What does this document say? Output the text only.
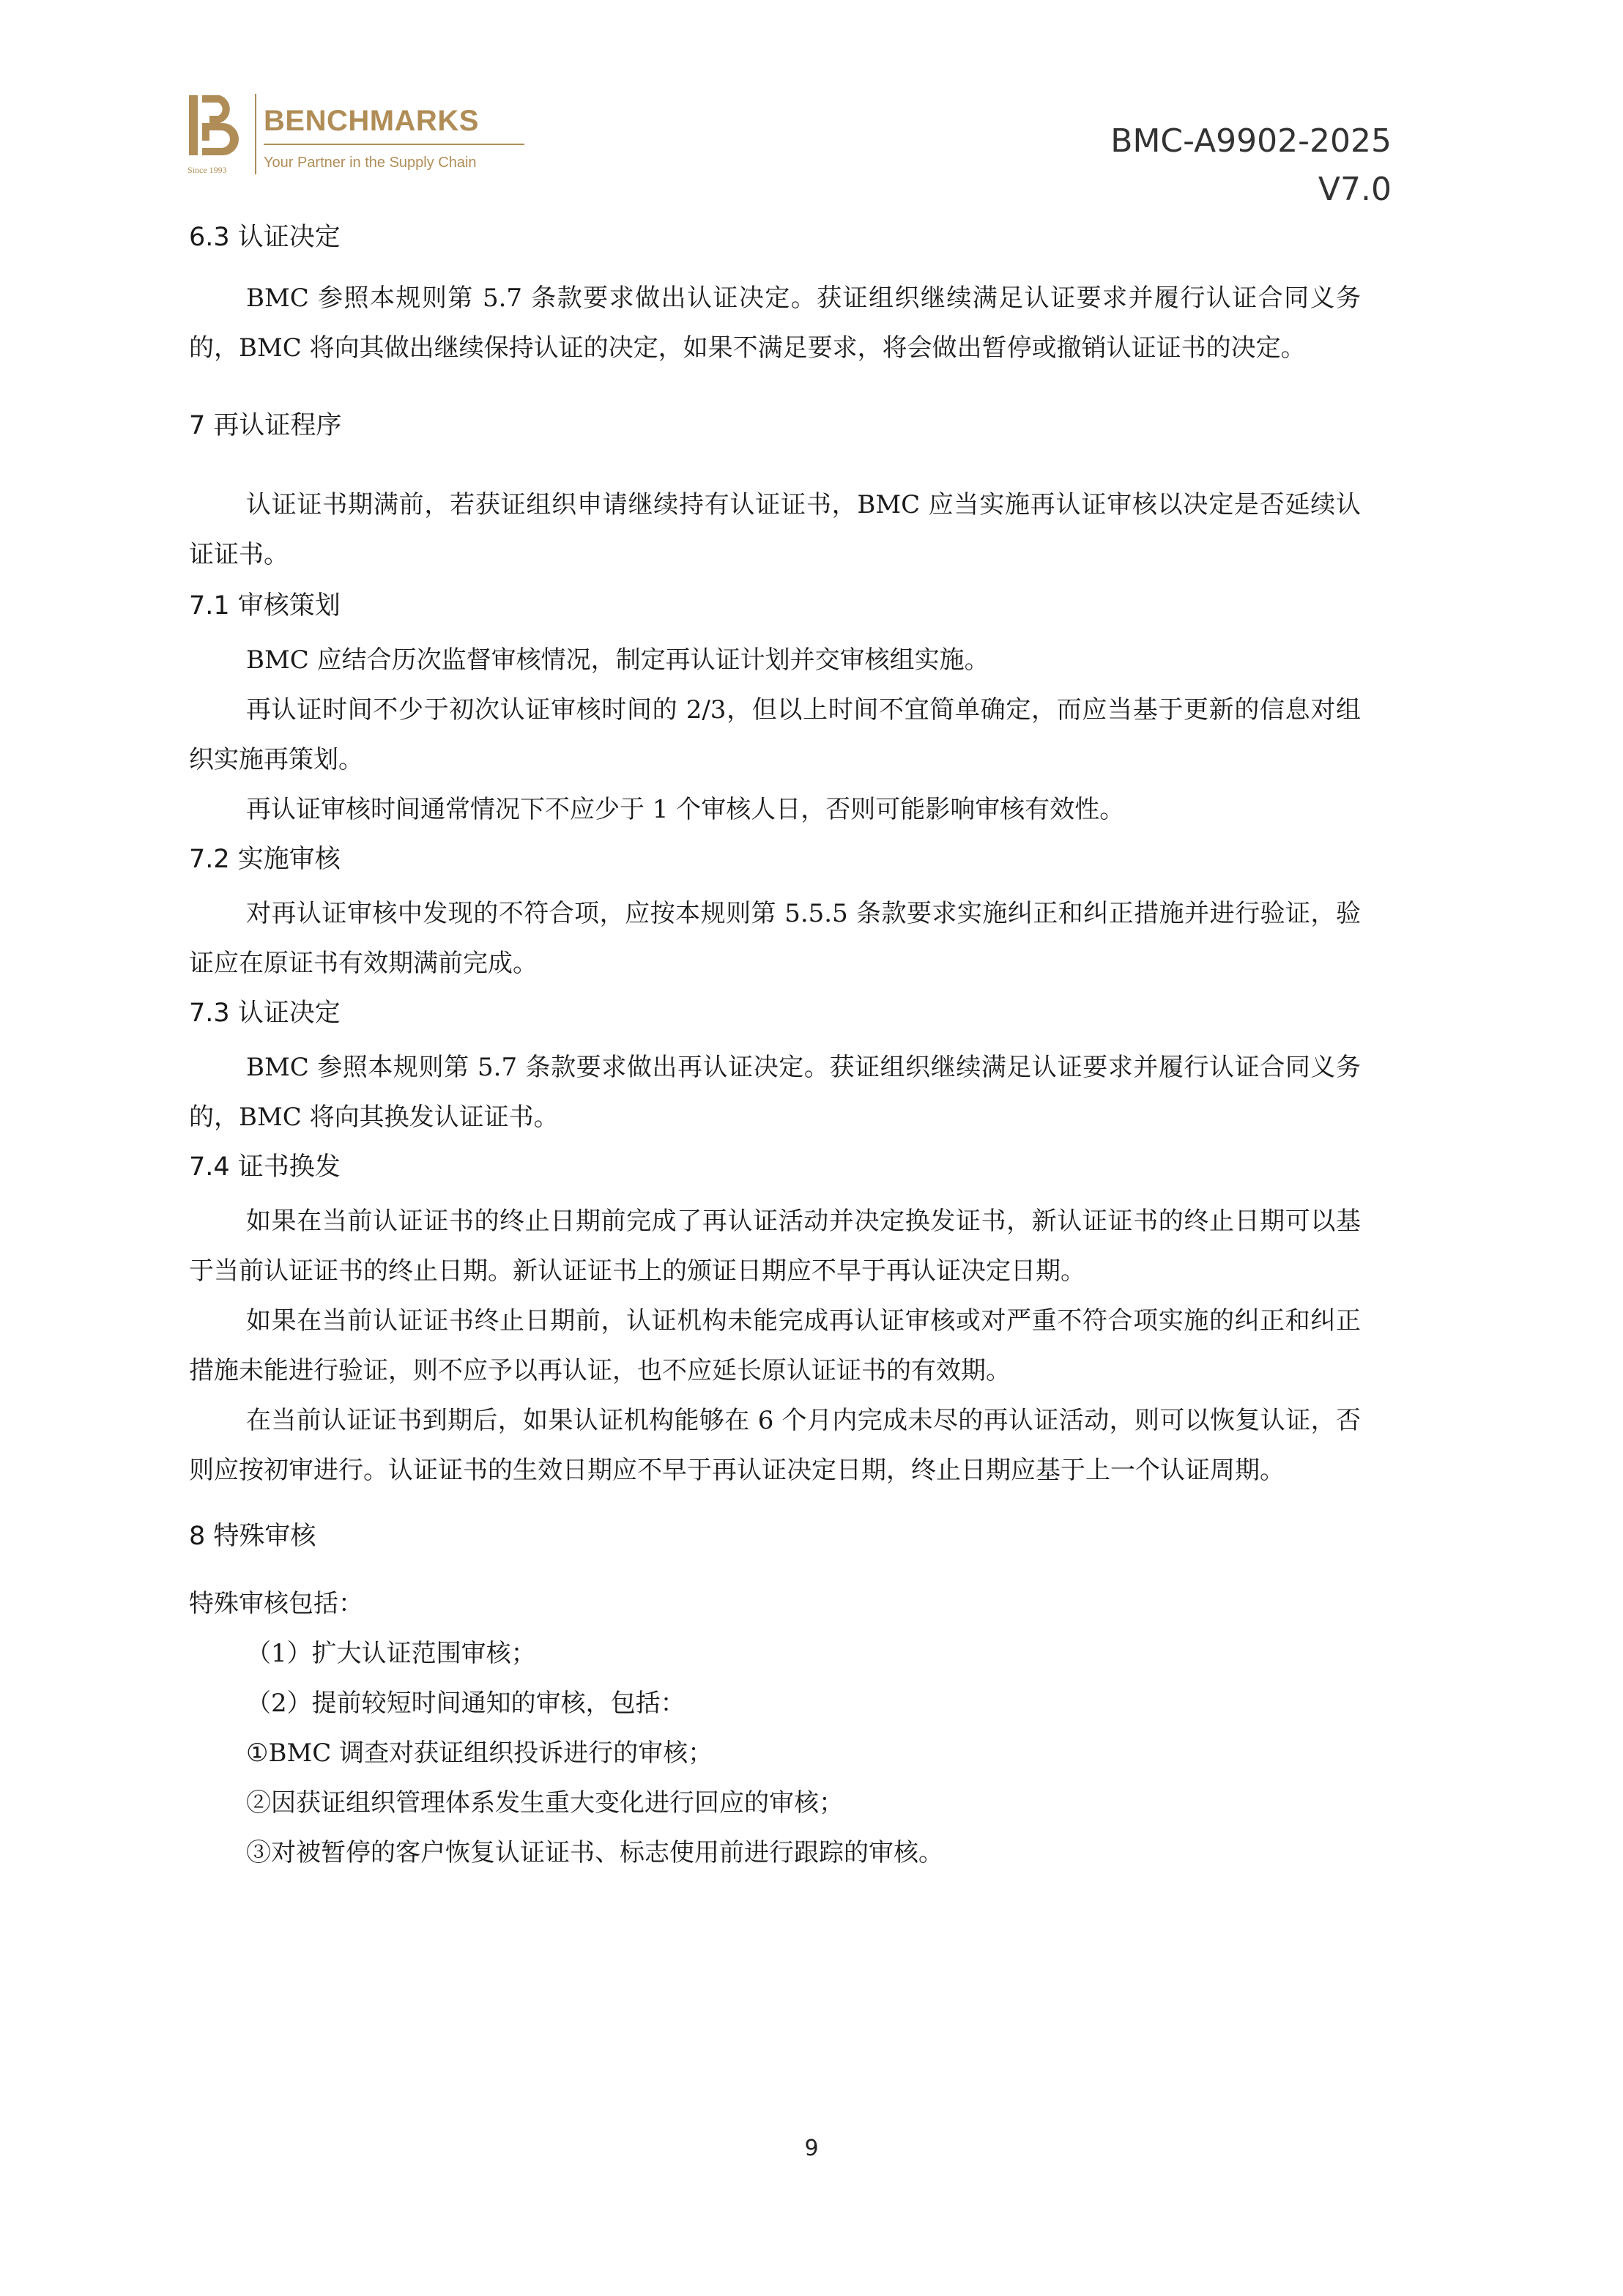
Since 1993
BENCHMARKS
Your Partner in the Supply Chain
BMC-A9902-2025
V7.0
6.3 认证决定
BMC 参照本规则第 5.7 条款要求做出认证决定。获证组织继续满足认证要求并履行认证合同义务的，BMC 将向其做出继续保持认证的决定，如果不满足要求，将会做出暂停或撤销认证证书的决定。
7 再认证程序
认证证书期满前，若获证组织申请继续持有认证证书，BMC 应当实施再认证审核以决定是否延续认证证书。
7.1 审核策划
BMC 应结合历次监督审核情况，制定再认证计划并交审核组实施。
再认证时间不少于初次认证审核时间的 2/3，但以上时间不宜简单确定，而应当基于更新的信息对组织实施再策划。
再认证审核时间通常情况下不应少于 1 个审核人日，否则可能影响审核有效性。
7.2 实施审核
对再认证审核中发现的不符合项，应按本规则第 5.5.5 条款要求实施纠正和纠正措施并进行验证，验证应在原证书有效期满前完成。
7.3 认证决定
BMC 参照本规则第 5.7 条款要求做出再认证决定。获证组织继续满足认证要求并履行认证合同义务的，BMC 将向其换发认证证书。
7.4 证书换发
如果在当前认证证书的终止日期前完成了再认证活动并决定换发证书，新认证证书的终止日期可以基于当前认证证书的终止日期。新认证证书上的颁证日期应不早于再认证决定日期。
如果在当前认证证书终止日期前，认证机构未能完成再认证审核或对严重不符合项实施的纠正和纠正措施未能进行验证，则不应予以再认证，也不应延长原认证证书的有效期。
在当前认证证书到期后，如果认证机构能够在 6 个月内完成未尽的再认证活动，则可以恢复认证，否则应按初审进行。认证证书的生效日期应不早于再认证决定日期，终止日期应基于上一个认证周期。
8 特殊审核
特殊审核包括：
（1）扩大认证范围审核；
（2）提前较短时间通知的审核，包括：
①BMC 调查对获证组织投诉进行的审核；
②因获证组织管理体系发生重大变化进行回应的审核；
③对被暂停的客户恢复认证证书、标志使用前进行跟踪的审核。
9
